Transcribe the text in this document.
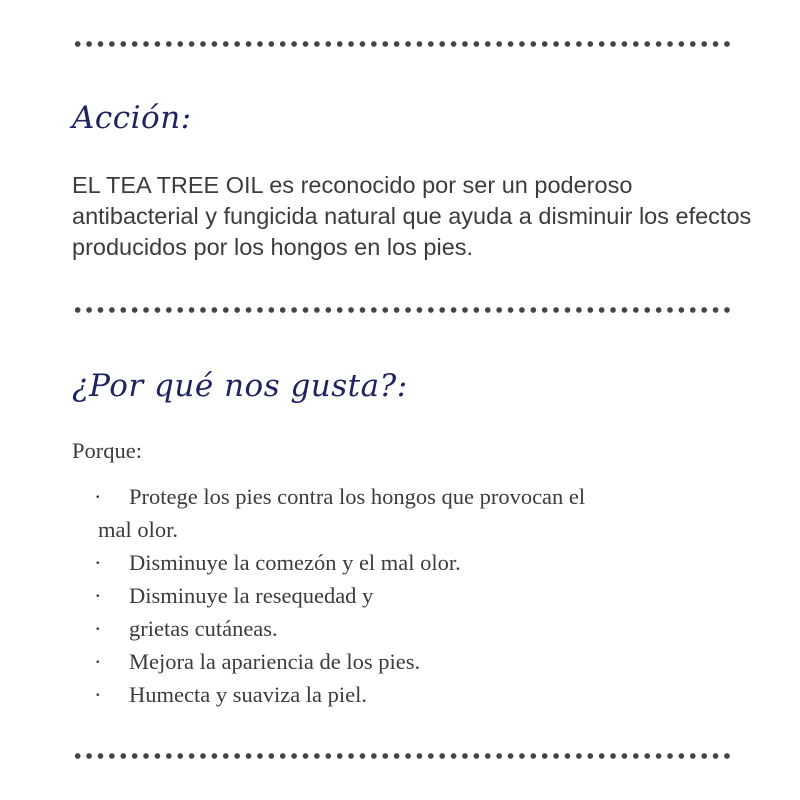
Acción:

EL TEA TREE OIL es reconocido por ser un poderoso antibacterial y fungicida natural que ayuda a disminuir los efectos producidos por los hongos en los pies.

¿Por qué nos gusta?:

Porque:

· Protege los pies contra los hongos que provocan el
mal olor.
· Disminuye la comezón y el mal olor.
· Disminuye la resequedad y
· grietas cutáneas.
· Mejora la apariencia de los pies.
· Humecta y suaviza la piel.
